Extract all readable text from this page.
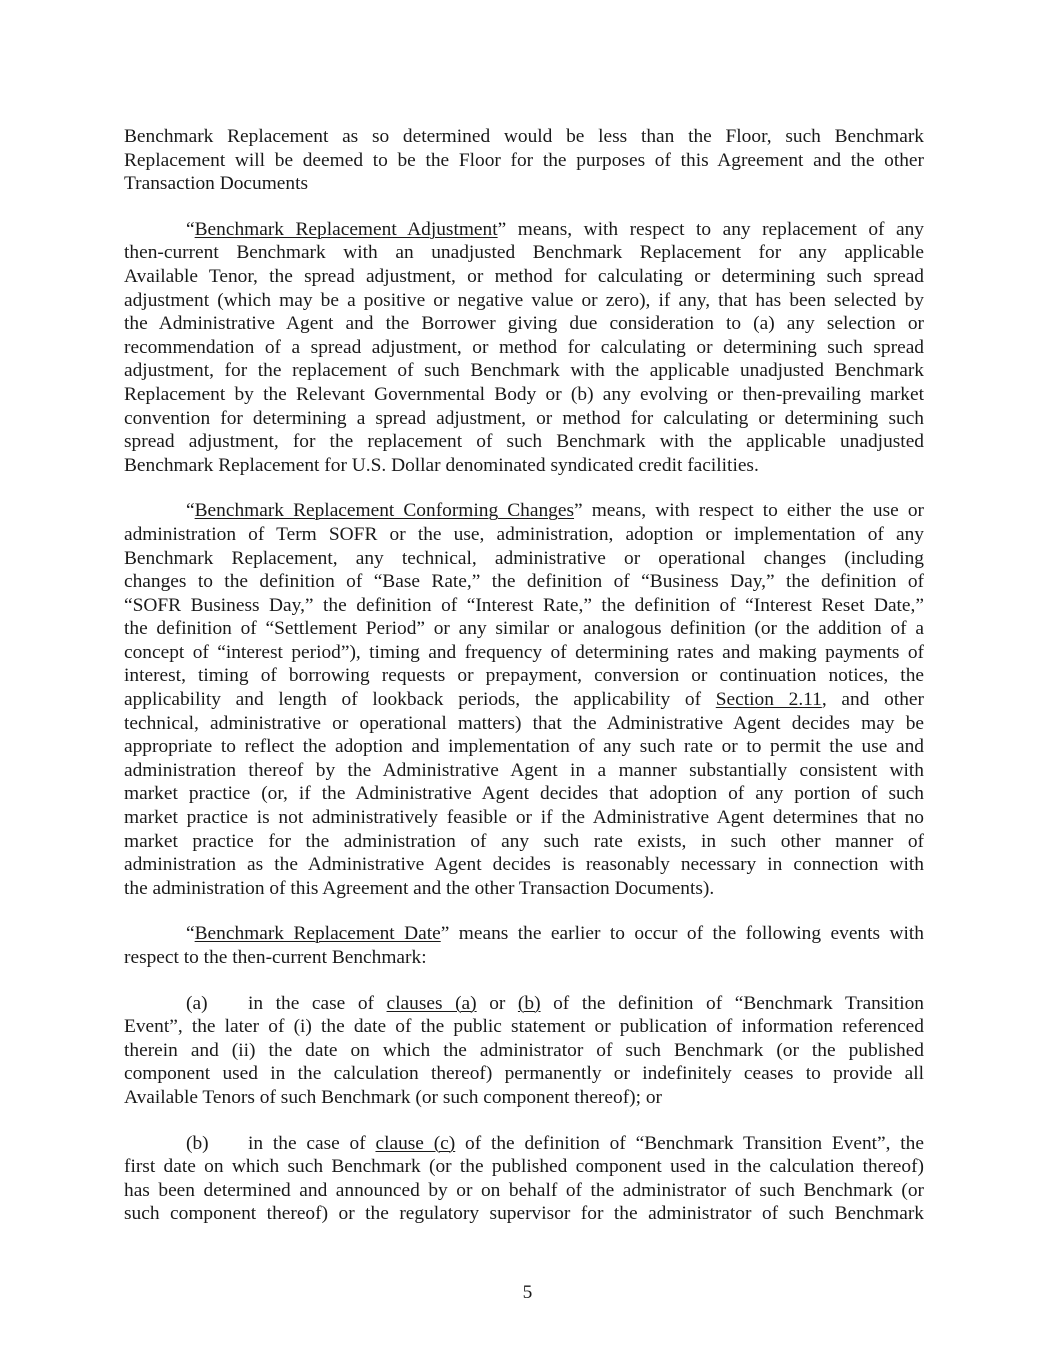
Benchmark Replacement as so determined would be less than the Floor, such Benchmark
Replacement will be deemed to be the Floor for the purposes of this Agreement and the other
Transaction Documents

“Benchmark Replacement Adjustment” means, with respect to any replacement of any
then-current Benchmark with an unadjusted Benchmark Replacement for any applicable
Available Tenor, the spread adjustment, or method for calculating or determining such spread
adjustment (which may be a positive or negative value or zero), if any, that has been selected by
the Administrative Agent and the Borrower giving due consideration to (a) any selection or
recommendation of a spread adjustment, or method for calculating or determining such spread
adjustment, for the replacement of such Benchmark with the applicable unadjusted Benchmark
Replacement by the Relevant Governmental Body or (b) any evolving or then-prevailing market
convention for determining a spread adjustment, or method for calculating or determining such
spread adjustment, for the replacement of such Benchmark with the applicable unadjusted
Benchmark Replacement for U.S. Dollar denominated syndicated credit facilities.

“Benchmark Replacement Conforming Changes” means, with respect to either the use or
administration of Term SOFR or the use, administration, adoption or implementation of any
Benchmark Replacement, any technical, administrative or operational changes (including
changes to the definition of “Base Rate,” the definition of “Business Day,” the definition of
“SOFR Business Day,” the definition of “Interest Rate,” the definition of “Interest Reset Date,”
the definition of “Settlement Period” or any similar or analogous definition (or the addition of a
concept of “interest period”), timing and frequency of determining rates and making payments of
interest, timing of borrowing requests or prepayment, conversion or continuation notices, the
applicability and length of lookback periods, the applicability of Section 2.11, and other
technical, administrative or operational matters) that the Administrative Agent decides may be
appropriate to reflect the adoption and implementation of any such rate or to permit the use and
administration thereof by the Administrative Agent in a manner substantially consistent with
market practice (or, if the Administrative Agent decides that adoption of any portion of such
market practice is not administratively feasible or if the Administrative Agent determines that no
market practice for the administration of any such rate exists, in such other manner of
administration as the Administrative Agent decides is reasonably necessary in connection with
the administration of this Agreement and the other Transaction Documents).

“Benchmark Replacement Date” means the earlier to occur of the following events with
respect to the then-current Benchmark:

(a) in the case of clauses (a) or (b) of the definition of “Benchmark Transition
Event”, the later of (i) the date of the public statement or publication of information referenced
therein and (ii) the date on which the administrator of such Benchmark (or the published
component used in the calculation thereof) permanently or indefinitely ceases to provide all
Available Tenors of such Benchmark (or such component thereof); or

(b) in the case of clause (c) of the definition of “Benchmark Transition Event”, the
first date on which such Benchmark (or the published component used in the calculation thereof)
has been determined and announced by or on behalf of the administrator of such Benchmark (or
such component thereof) or the regulatory supervisor for the administrator of such Benchmark

5
